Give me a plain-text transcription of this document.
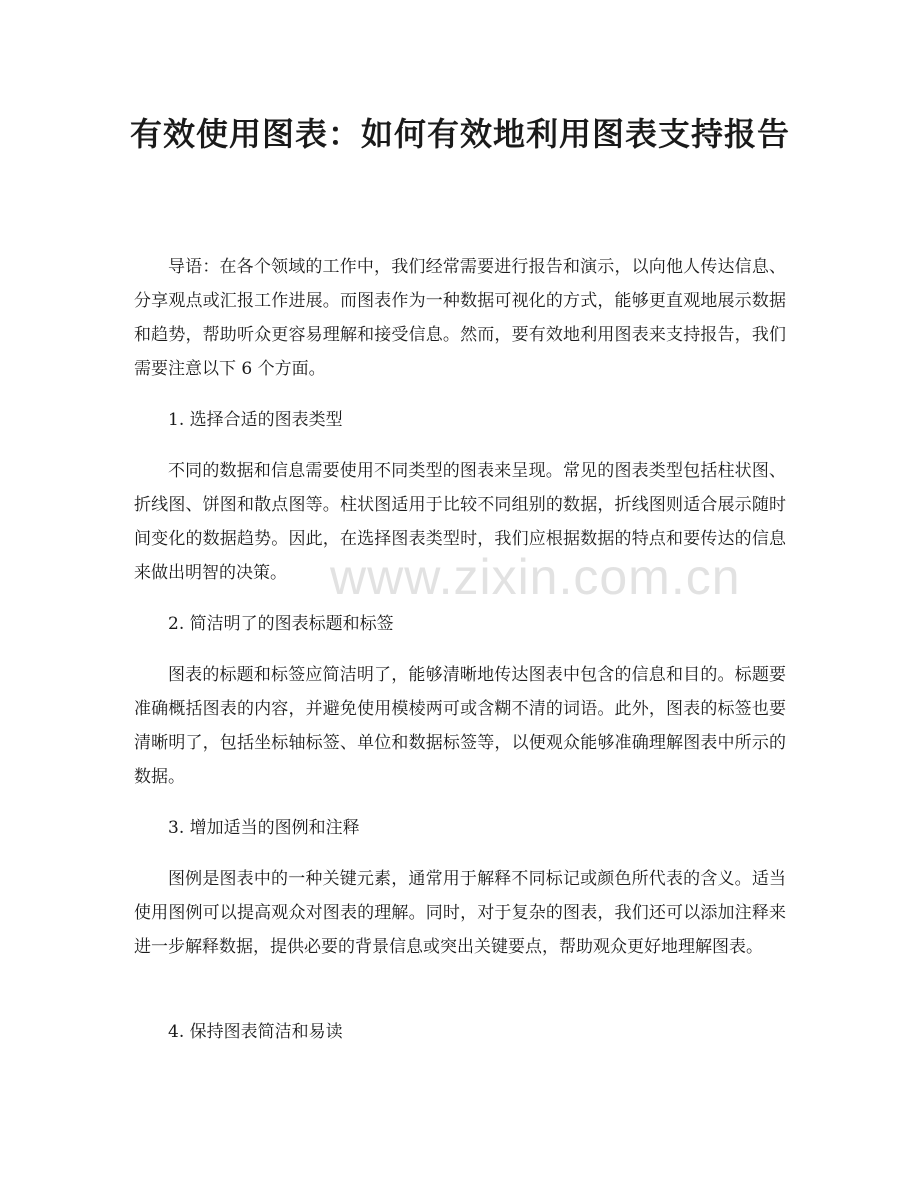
有效使用图表：如何有效地利用图表支持报告

导语：在各个领域的工作中，我们经常需要进行报告和演示，以向他人传达信息、分享观点或汇报工作进展。而图表作为一种数据可视化的方式，能够更直观地展示数据和趋势，帮助听众更容易理解和接受信息。然而，要有效地利用图表来支持报告，我们需要注意以下 6 个方面。

1. 选择合适的图表类型

不同的数据和信息需要使用不同类型的图表来呈现。常见的图表类型包括柱状图、折线图、饼图和散点图等。柱状图适用于比较不同组别的数据，折线图则适合展示随时间变化的数据趋势。因此，在选择图表类型时，我们应根据数据的特点和要传达的信息来做出明智的决策。

2. 简洁明了的图表标题和标签

图表的标题和标签应简洁明了，能够清晰地传达图表中包含的信息和目的。标题要准确概括图表的内容，并避免使用模棱两可或含糊不清的词语。此外，图表的标签也要清晰明了，包括坐标轴标签、单位和数据标签等，以便观众能够准确理解图表中所示的数据。

3. 增加适当的图例和注释

图例是图表中的一种关键元素，通常用于解释不同标记或颜色所代表的含义。适当使用图例可以提高观众对图表的理解。同时，对于复杂的图表，我们还可以添加注释来进一步解释数据，提供必要的背景信息或突出关键要点，帮助观众更好地理解图表。

4. 保持图表简洁和易读

www.zixin.com.cn
